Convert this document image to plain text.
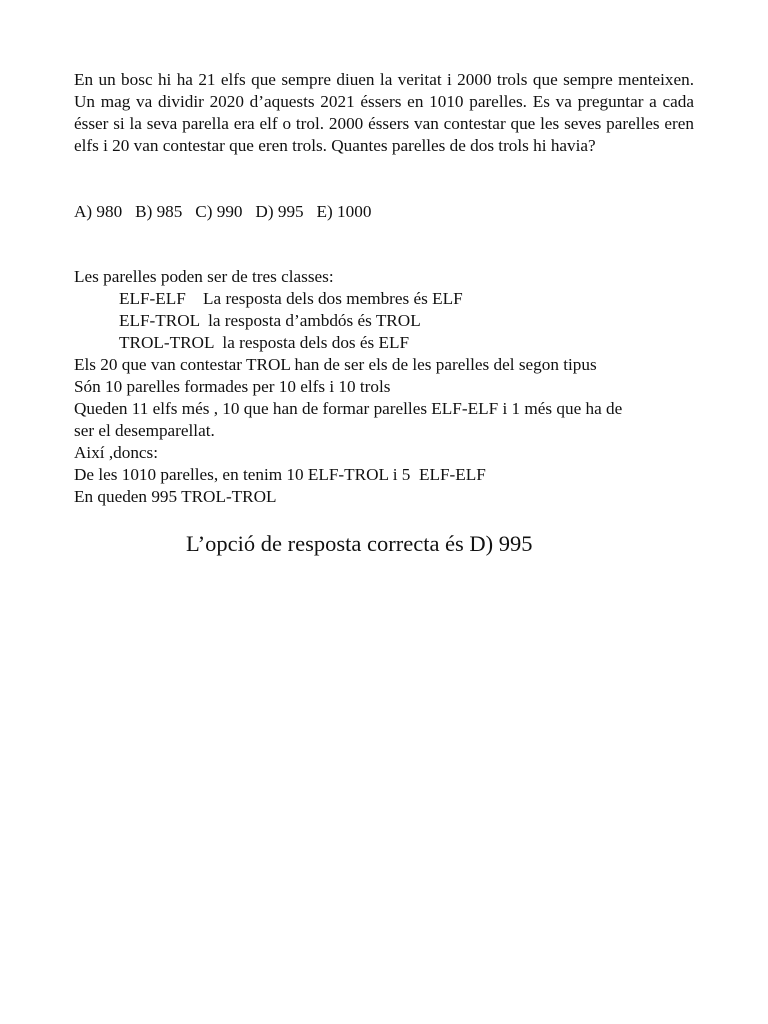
En un bosc hi ha 21 elfs que sempre diuen la veritat i 2000 trols que sempre menteixen. Un mag va dividir 2020 d’aquests 2021 éssers en 1010 parelles. Es va preguntar a cada ésser si la seva parella era elf o trol. 2000 éssers van contestar que les seves parelles eren elfs i 20 van contestar que eren trols. Quantes parelles de dos trols hi havia?

A) 980   B) 985   C) 990   D) 995   E) 1000

Les parelles poden ser de tres classes:
ELF-ELF    La resposta dels dos membres és ELF
ELF-TROL  la resposta d’ambdós és TROL
TROL-TROL  la resposta dels dos és ELF
Els 20 que van contestar TROL han de ser els de les parelles del segon tipus
Són 10 parelles formades per 10 elfs i 10 trols
Queden 11 elfs més , 10 que han de formar parelles ELF-ELF i 1 més que ha de
ser el desemparellat.
Així ,doncs:
De les 1010 parelles, en tenim 10 ELF-TROL i 5  ELF-ELF
En queden 995 TROL-TROL

L’opció de resposta correcta és D) 995
